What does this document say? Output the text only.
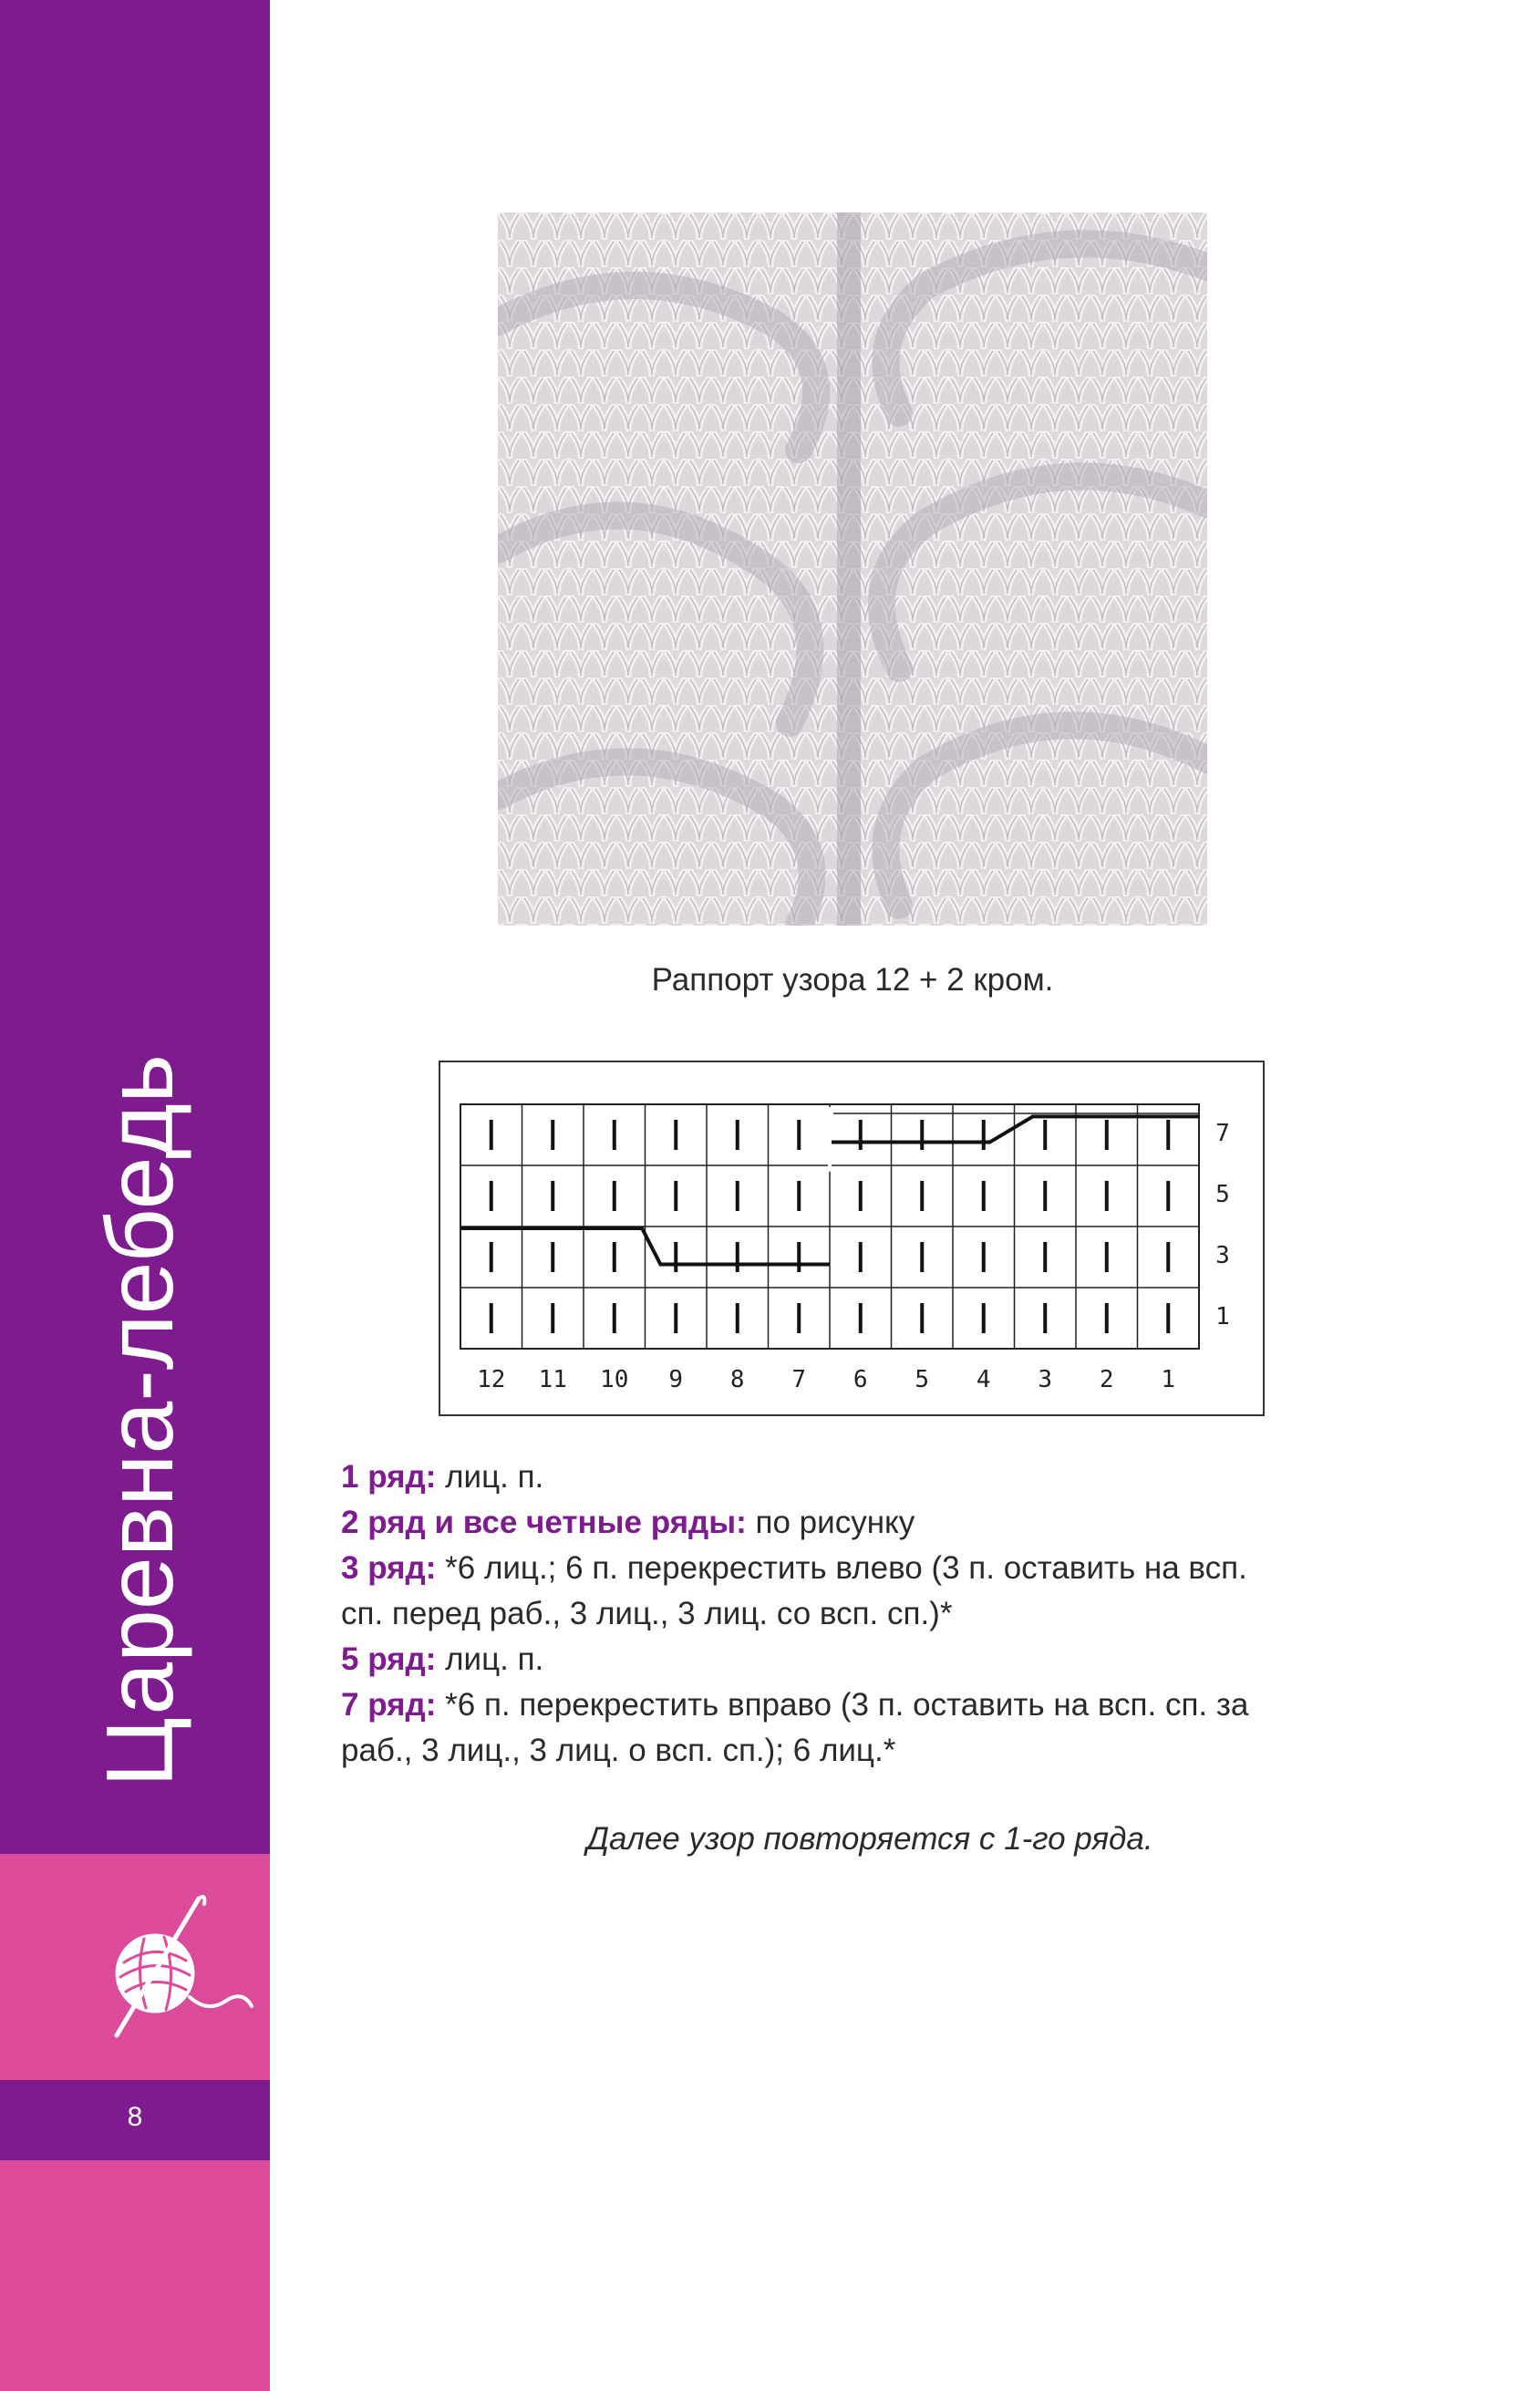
Царевна-лебедь
8
Раппорт узора 12 + 2 кром.
12 11 10 9 8 7 6 5 4 3 2 1
7
5
3
1
1 ряд: лиц. п.
2 ряд и все четные ряды: по рисунку
3 ряд: *6 лиц.; 6 п. перекрестить влево (3 п. оставить на всп.
сп. перед раб., 3 лиц., 3 лиц. со всп. сп.)*
5 ряд: лиц. п.
7 ряд: *6 п. перекрестить вправо (3 п. оставить на всп. сп. за
раб., 3 лиц., 3 лиц. о всп. сп.); 6 лиц.*
Далее узор повторяется с 1-го ряда.
